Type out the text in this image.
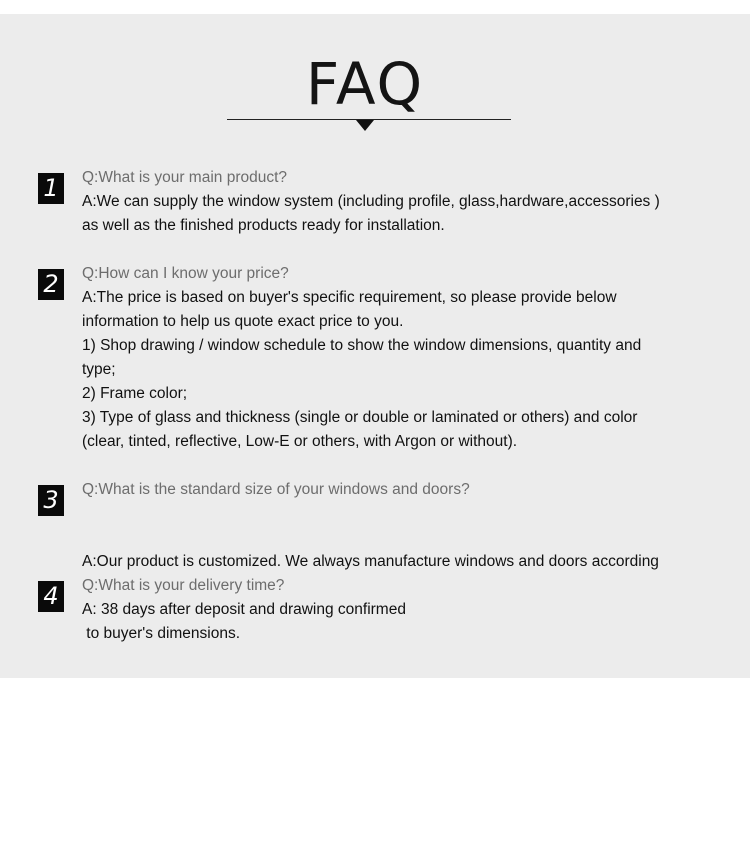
FAQ
1	Q:What is your main product?
A:We can supply the window system (including profile, glass,hardware,accessories )
as well as the finished products ready for installation.
2	Q:How can I know your price?
A:The price is based on buyer's specific requirement, so please provide below
information to help us quote exact price to you.
1) Shop drawing / window schedule to show the window dimensions, quantity and
type;
2) Frame color;
3) Type of glass and thickness (single or double or laminated or others) and color
(clear, tinted, reflective, Low-E or others, with Argon or without).
3	Q:What is the standard size of your windows and doors?

A:Our product is customized. We always manufacture windows and doors according

to buyer's dimensions.

4	Q:What is your delivery time?
A: 38 days after deposit and drawing confirmed
